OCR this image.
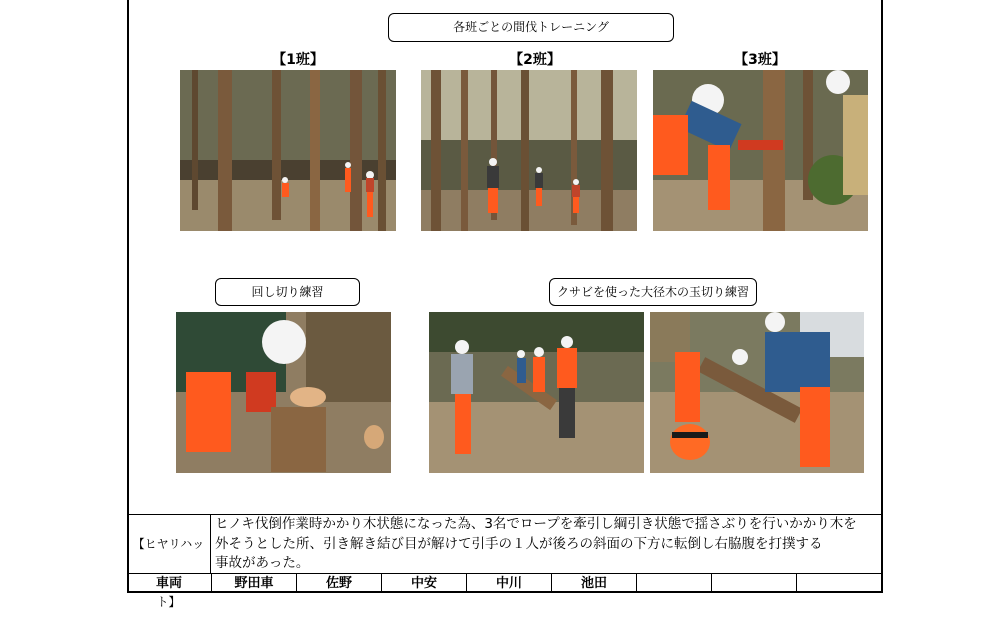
各班ごとの間伐トレーニング
【1班】	【2班】	【3班】
回し切り練習	クサビを使った大径木の玉切り練習
【ヒヤリハット】
ヒノキ伐倒作業時かかり木状態になった為、3名でロープを牽引し綱引き状態で揺さぶりを行いかかり木を
外そうとした所、引き解き結び目が解けて引手の１人が後ろの斜面の下方に転倒し右脇腹を打撲する
事故があった。
車両	野田車	佐野	中安	中川	池田
